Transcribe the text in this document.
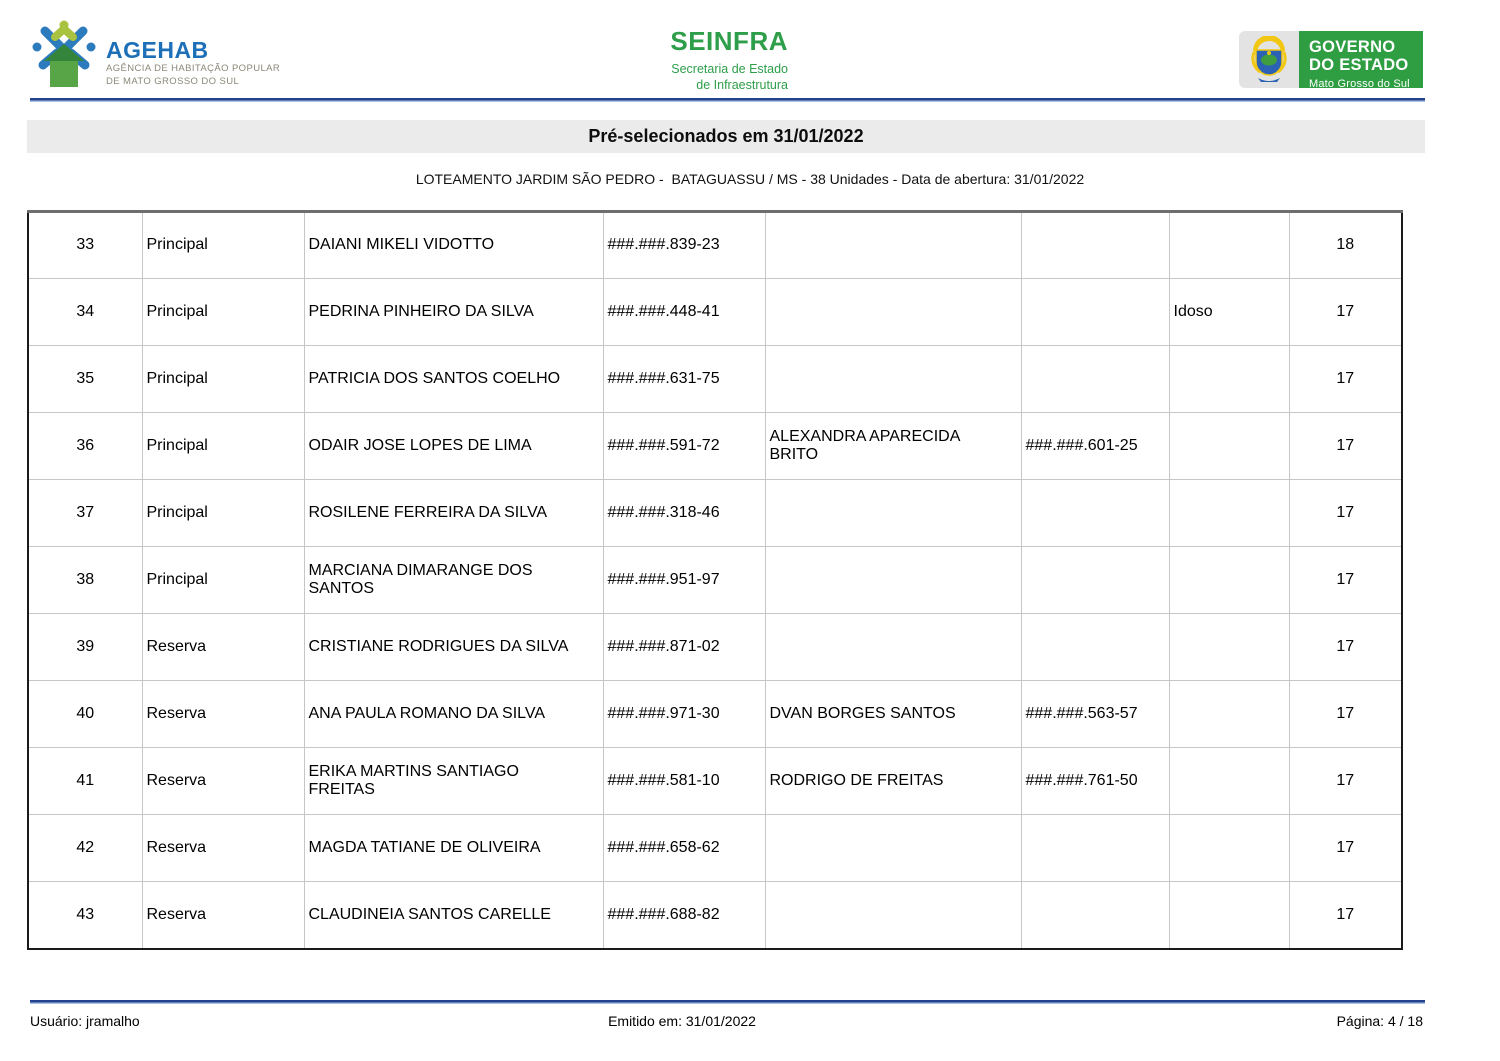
AGEHAB
AGÊNCIA DE HABITAÇÃO POPULAR
DE MATO GROSSO DO SUL
SEINFRA
Secretaria de Estado
de Infraestrutura
GOVERNO
DO ESTADO
Mato Grosso do Sul
Pré-selecionados em 31/01/2022
LOTEAMENTO JARDIM SÃO PEDRO -  BATAGUASSU / MS - 38 Unidades - Data de abertura: 31/01/2022
33	Principal	DAIANI MIKELI VIDOTTO	###.###.839-23				18
34	Principal	PEDRINA PINHEIRO DA SILVA	###.###.448-41			Idoso	17
35	Principal	PATRICIA DOS SANTOS COELHO	###.###.631-75				17
36	Principal	ODAIR JOSE LOPES DE LIMA	###.###.591-72	ALEXANDRA APARECIDA BRITO	###.###.601-25		17
37	Principal	ROSILENE FERREIRA DA SILVA	###.###.318-46				17
38	Principal	MARCIANA DIMARANGE DOS SANTOS	###.###.951-97				17
39	Reserva	CRISTIANE RODRIGUES DA SILVA	###.###.871-02				17
40	Reserva	ANA PAULA ROMANO DA SILVA	###.###.971-30	DVAN BORGES SANTOS	###.###.563-57		17
41	Reserva	ERIKA MARTINS SANTIAGO FREITAS	###.###.581-10	RODRIGO DE FREITAS	###.###.761-50		17
42	Reserva	MAGDA TATIANE DE OLIVEIRA	###.###.658-62				17
43	Reserva	CLAUDINEIA SANTOS CARELLE	###.###.688-82				17
Usuário: jramalho	Emitido em: 31/01/2022	Página: 4 / 18
